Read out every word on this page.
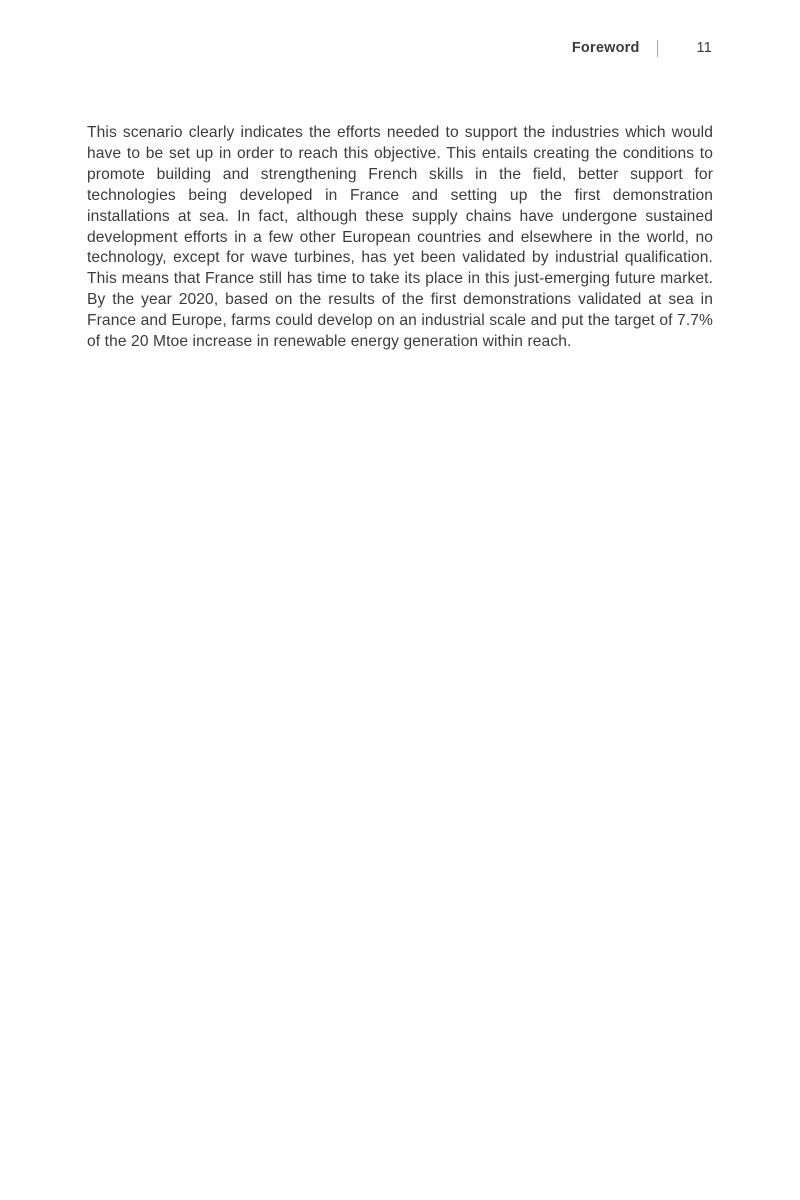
Foreword	11

This scenario clearly indicates the efforts needed to support the industries which would have to be set up in order to reach this objective. This entails creating the conditions to promote building and strengthening French skills in the field, better support for technologies being developed in France and setting up the first demonstration installations at sea. In fact, although these supply chains have undergone sustained development efforts in a few other European countries and elsewhere in the world, no technology, except for wave turbines, has yet been validated by industrial qualification. This means that France still has time to take its place in this just-emerging future market. By the year 2020, based on the results of the first demonstrations validated at sea in France and Europe, farms could develop on an industrial scale and put the target of 7.7% of the 20 Mtoe increase in renewable energy generation within reach.
